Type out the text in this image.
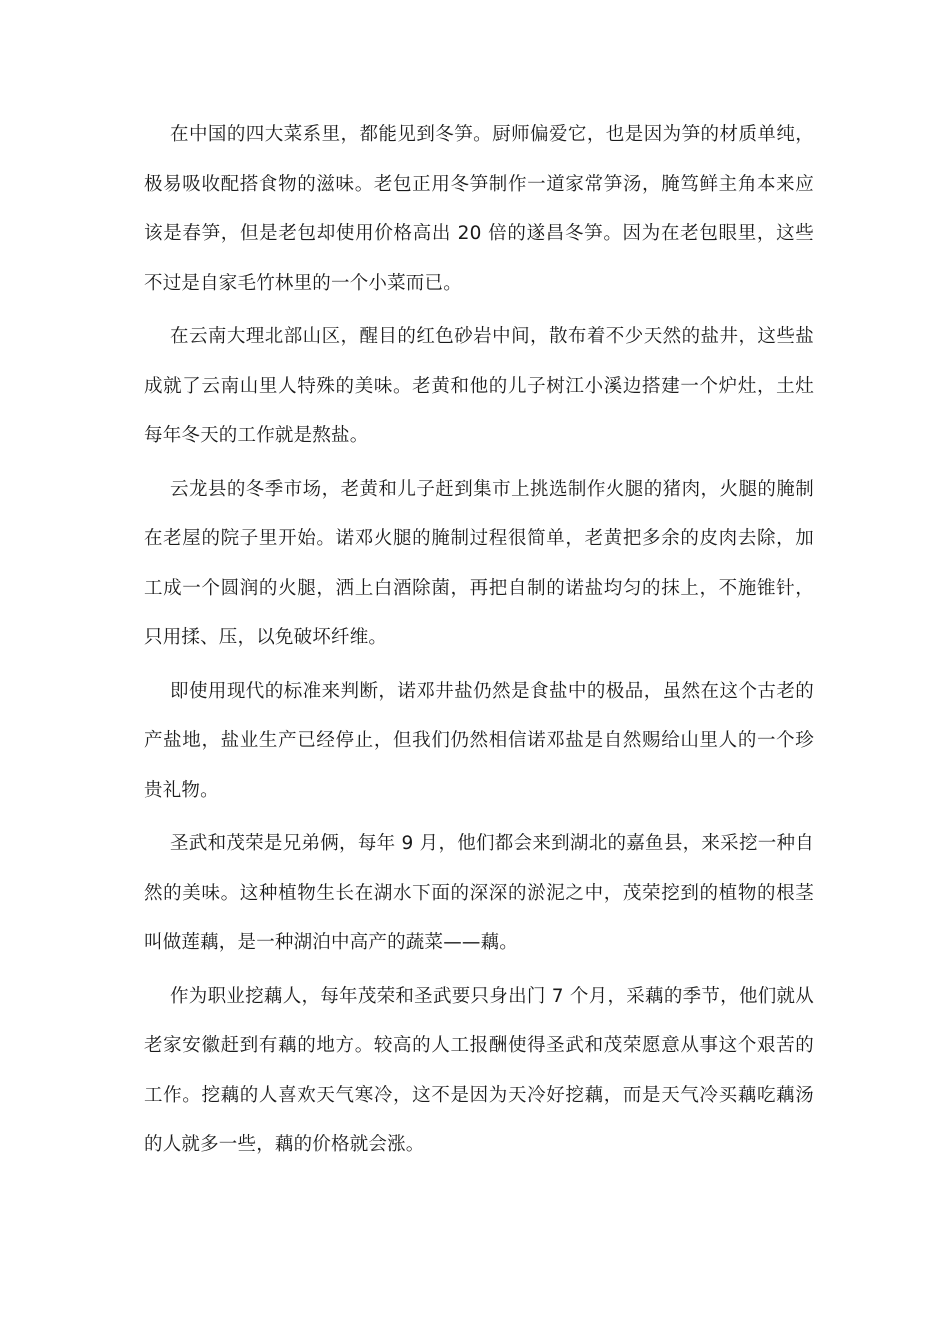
在中国的四大菜系里，都能见到冬笋。厨师偏爱它，也是因为笋的材质单纯，极易吸收配搭食物的滋味。老包正用冬笋制作一道家常笋汤，腌笃鲜主角本来应该是春笋，但是老包却使用价格高出 20 倍的遂昌冬笋。因为在老包眼里，这些不过是自家毛竹林里的一个小菜而已。

在云南大理北部山区，醒目的红色砂岩中间，散布着不少天然的盐井，这些盐成就了云南山里人特殊的美味。老黄和他的儿子树江小溪边搭建一个炉灶，土灶每年冬天的工作就是熬盐。

云龙县的冬季市场，老黄和儿子赶到集市上挑选制作火腿的猪肉，火腿的腌制在老屋的院子里开始。诺邓火腿的腌制过程很简单，老黄把多余的皮肉去除，加工成一个圆润的火腿，洒上白酒除菌，再把自制的诺盐均匀的抹上，不施锥针，只用揉、压，以免破坏纤维。

即使用现代的标准来判断，诺邓井盐仍然是食盐中的极品，虽然在这个古老的产盐地，盐业生产已经停止，但我们仍然相信诺邓盐是自然赐给山里人的一个珍贵礼物。

圣武和茂荣是兄弟俩，每年 9 月，他们都会来到湖北的嘉鱼县，来采挖一种自然的美味。这种植物生长在湖水下面的深深的淤泥之中，茂荣挖到的植物的根茎叫做莲藕，是一种湖泊中高产的蔬菜——藕。

作为职业挖藕人，每年茂荣和圣武要只身出门 7 个月，采藕的季节，他们就从老家安徽赶到有藕的地方。较高的人工报酬使得圣武和茂荣愿意从事这个艰苦的工作。挖藕的人喜欢天气寒冷，这不是因为天冷好挖藕，而是天气冷买藕吃藕汤的人就多一些，藕的价格就会涨。
